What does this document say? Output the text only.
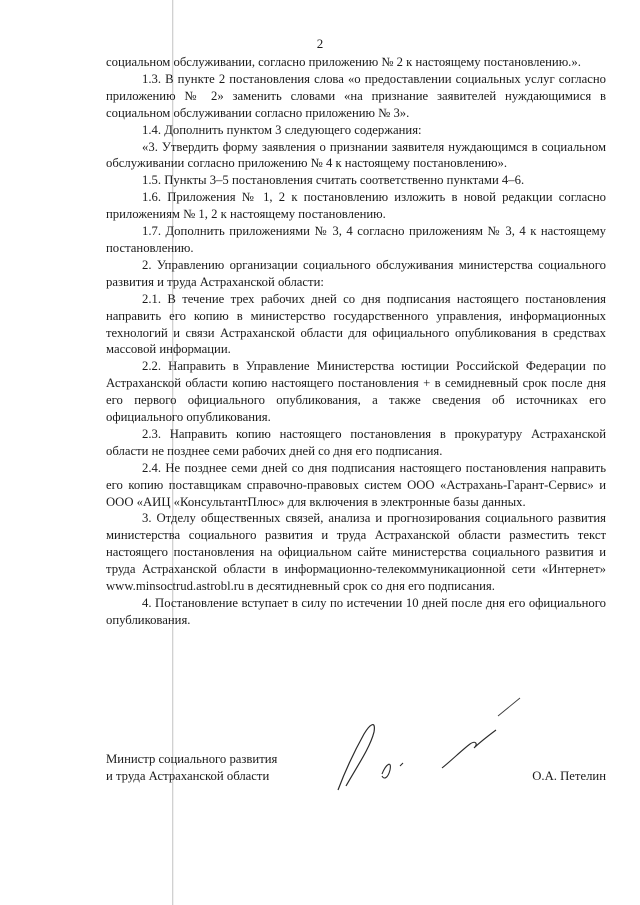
2

социальном обслуживании, согласно приложению № 2 к настоящему постановлению.».

1.3. В пункте 2 постановления слова «о предоставлении социальных услуг согласно приложению № 2» заменить словами «на признание заявителей нуждающимися в социальном обслуживании согласно приложению № 3».

1.4. Дополнить пунктом 3 следующего содержания:

«3. Утвердить форму заявления о признании заявителя нуждающимся в социальном обслуживании согласно приложению № 4 к настоящему постановлению».

1.5. Пункты 3–5 постановления считать соответственно пунктами 4–6.

1.6. Приложения № 1, 2 к постановлению изложить в новой редакции согласно приложениям № 1, 2 к настоящему постановлению.

1.7. Дополнить приложениями № 3, 4 согласно приложениям № 3, 4 к настоящему постановлению.

2. Управлению организации социального обслуживания министерства социального развития и труда Астраханской области:

2.1. В течение трех рабочих дней со дня подписания настоящего постановления направить его копию в министерство государственного управления, информационных технологий и связи Астраханской области для официального опубликования в средствах массовой информации.

2.2. Направить в Управление Министерства юстиции Российской Федерации по Астраханской области копию настоящего постановления + в семидневный срок после дня его первого официального опубликования, а также сведения об источниках его официального опубликования.

2.3. Направить копию настоящего постановления в прокуратуру Астраханской области не позднее семи рабочих дней со дня его подписания.

2.4. Не позднее семи дней со дня подписания настоящего постановления направить его копию поставщикам справочно-правовых систем ООО «Астрахань-Гарант-Сервис» и ООО «АИЦ «КонсультантПлюс» для включения в электронные базы данных.

3. Отделу общественных связей, анализа и прогнозирования социального развития министерства социального развития и труда Астраханской области разместить текст настоящего постановления на официальном сайте министерства социального развития и труда Астраханской области в информационно-телекоммуникационной сети «Интернет» www.minsoctrud.astrobl.ru в десятидневный срок со дня его подписания.

4. Постановление вступает в силу по истечении 10 дней после дня его официального опубликования.

Министр социального развития
и труда Астраханской области	О.А. Петелин
